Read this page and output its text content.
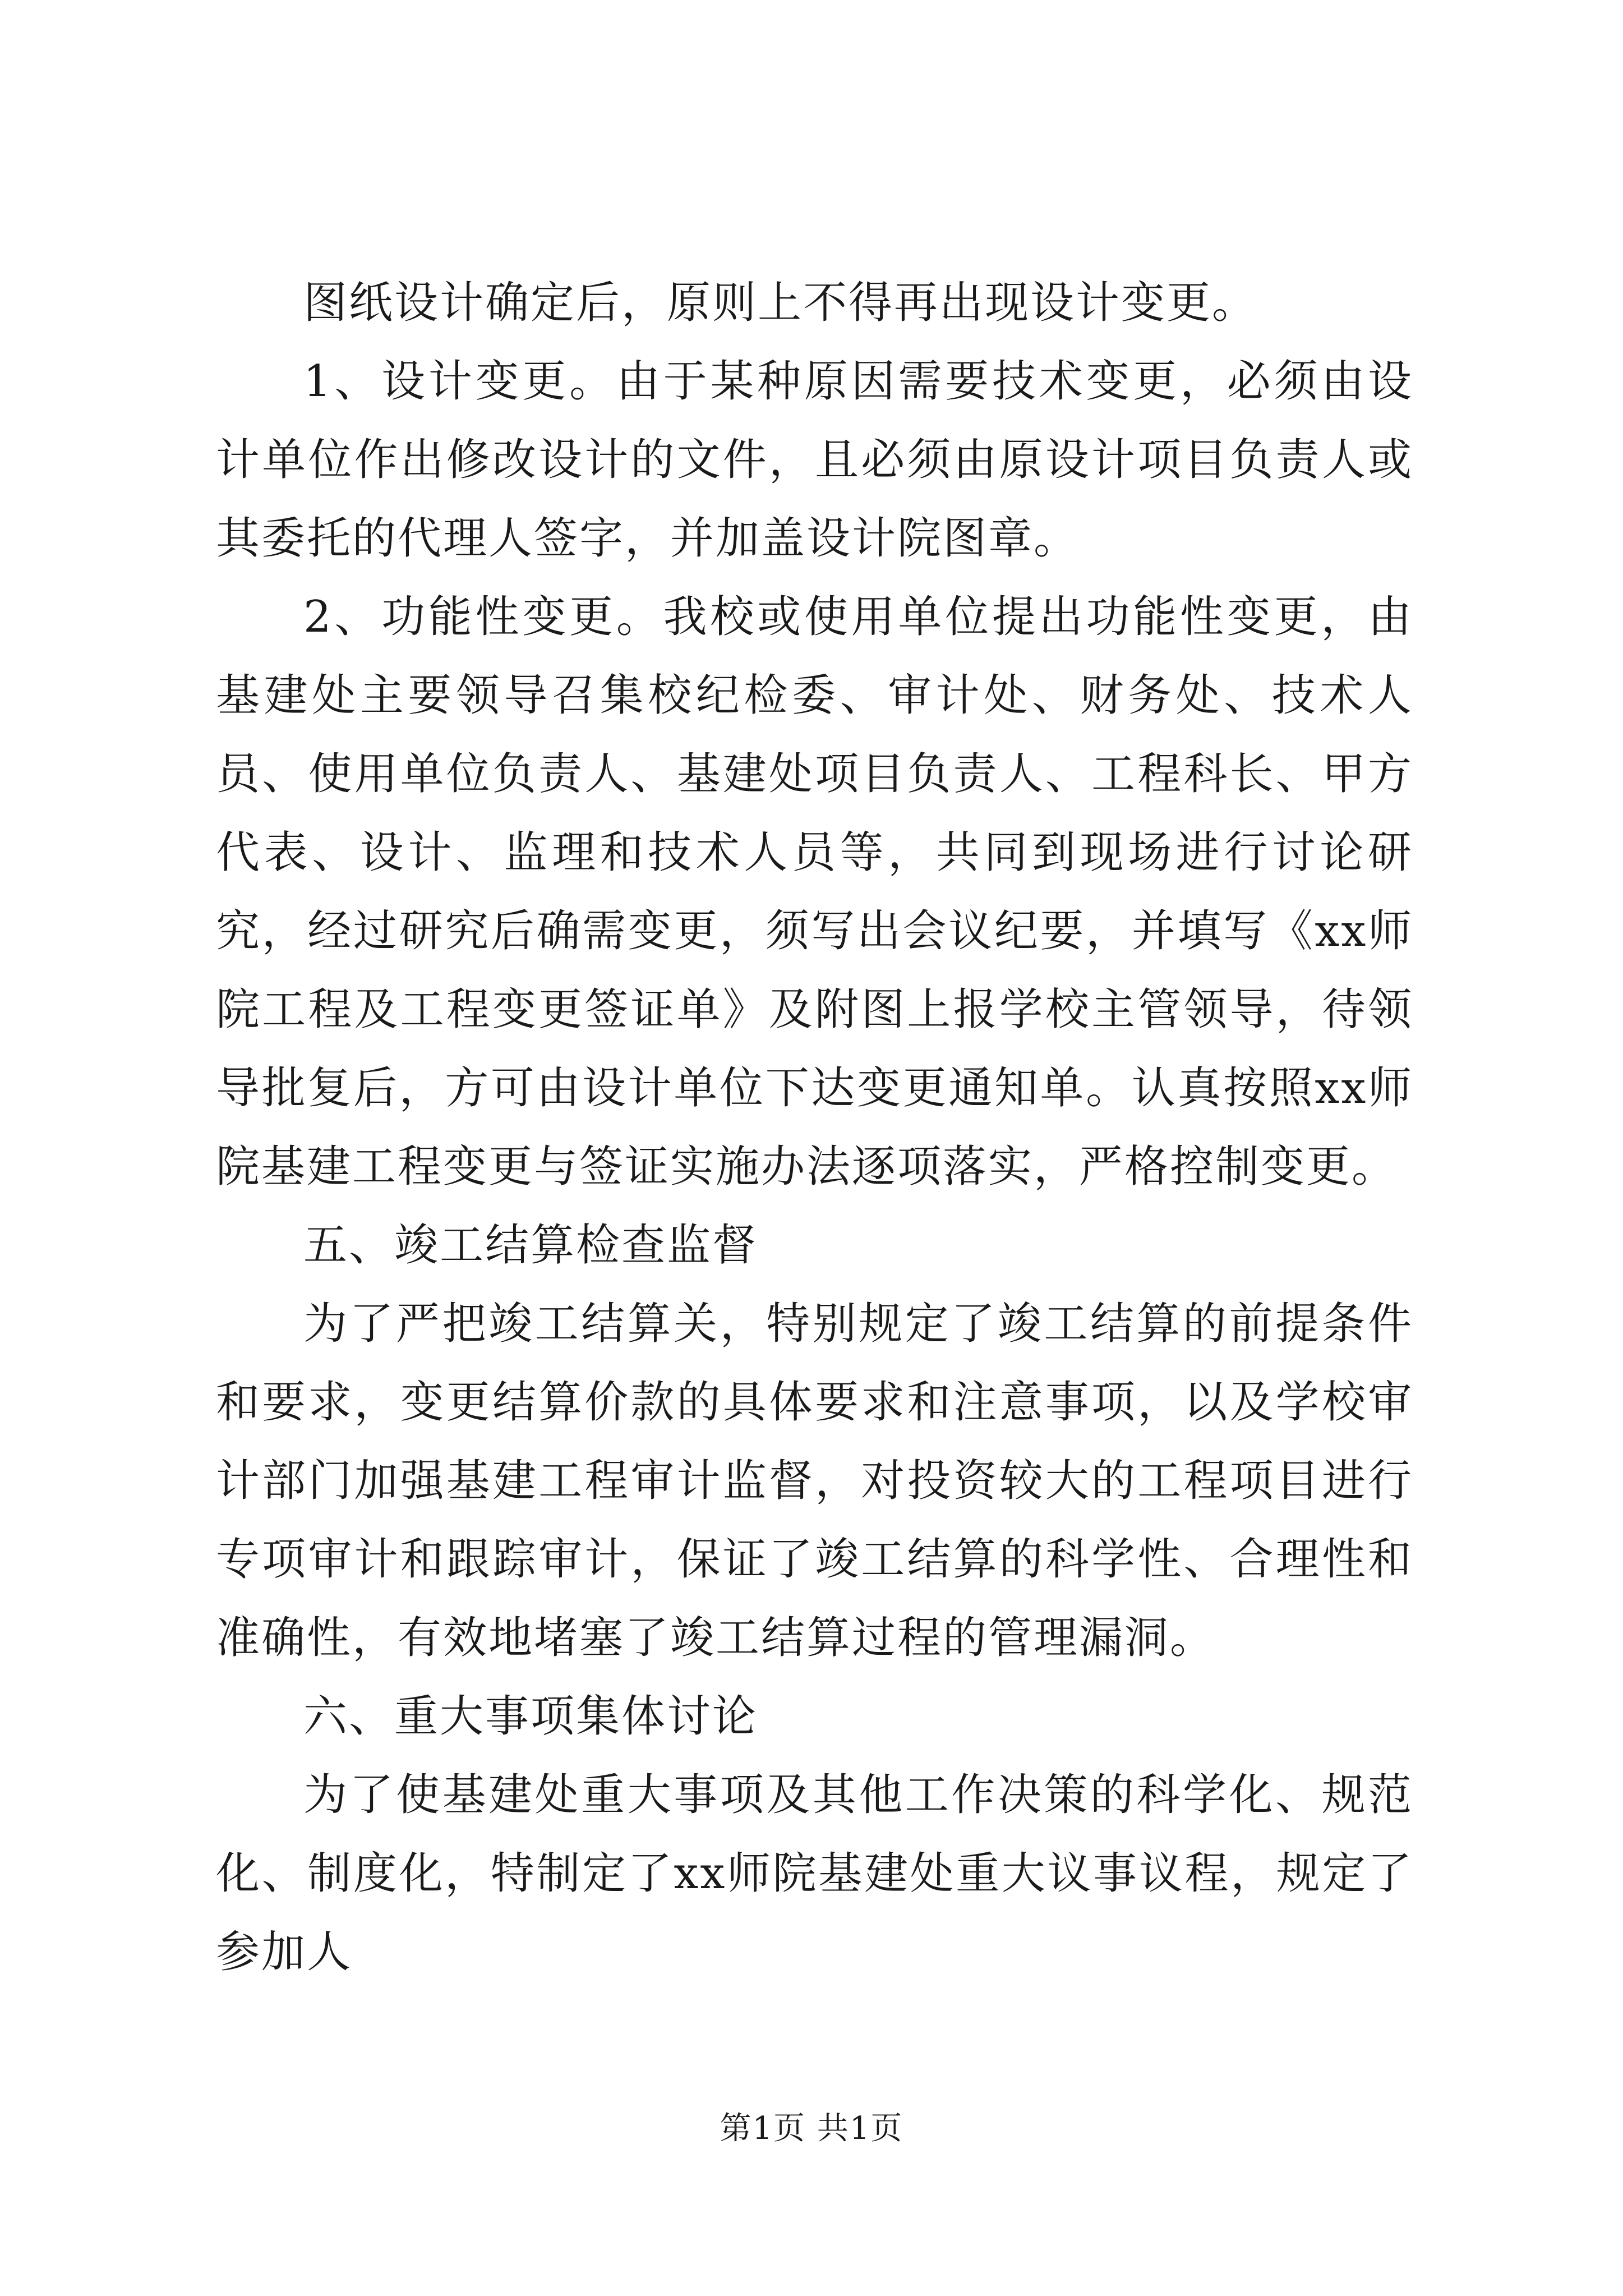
图纸设计确定后，原则上不得再出现设计变更。

1、设计变更。由于某种原因需要技术变更，必须由设计单位作出修改设计的文件，且必须由原设计项目负责人或其委托的代理人签字，并加盖设计院图章。

2、功能性变更。我校或使用单位提出功能性变更，由基建处主要领导召集校纪检委、审计处、财务处、技术人员、使用单位负责人、基建处项目负责人、工程科长、甲方代表、设计、监理和技术人员等，共同到现场进行讨论研究，经过研究后确需变更，须写出会议纪要，并填写《xx师院工程及工程变更签证单》及附图上报学校主管领导，待领导批复后，方可由设计单位下达变更通知单。认真按照xx师院基建工程变更与签证实施办法逐项落实，严格控制变更。

五、竣工结算检查监督

为了严把竣工结算关，特别规定了竣工结算的前提条件和要求，变更结算价款的具体要求和注意事项，以及学校审计部门加强基建工程审计监督，对投资较大的工程项目进行专项审计和跟踪审计，保证了竣工结算的科学性、合理性和准确性，有效地堵塞了竣工结算过程的管理漏洞。

六、重大事项集体讨论

为了使基建处重大事项及其他工作决策的科学化、规范化、制度化，特制定了xx师院基建处重大议事议程，规定了参加人

第1页 共1页
